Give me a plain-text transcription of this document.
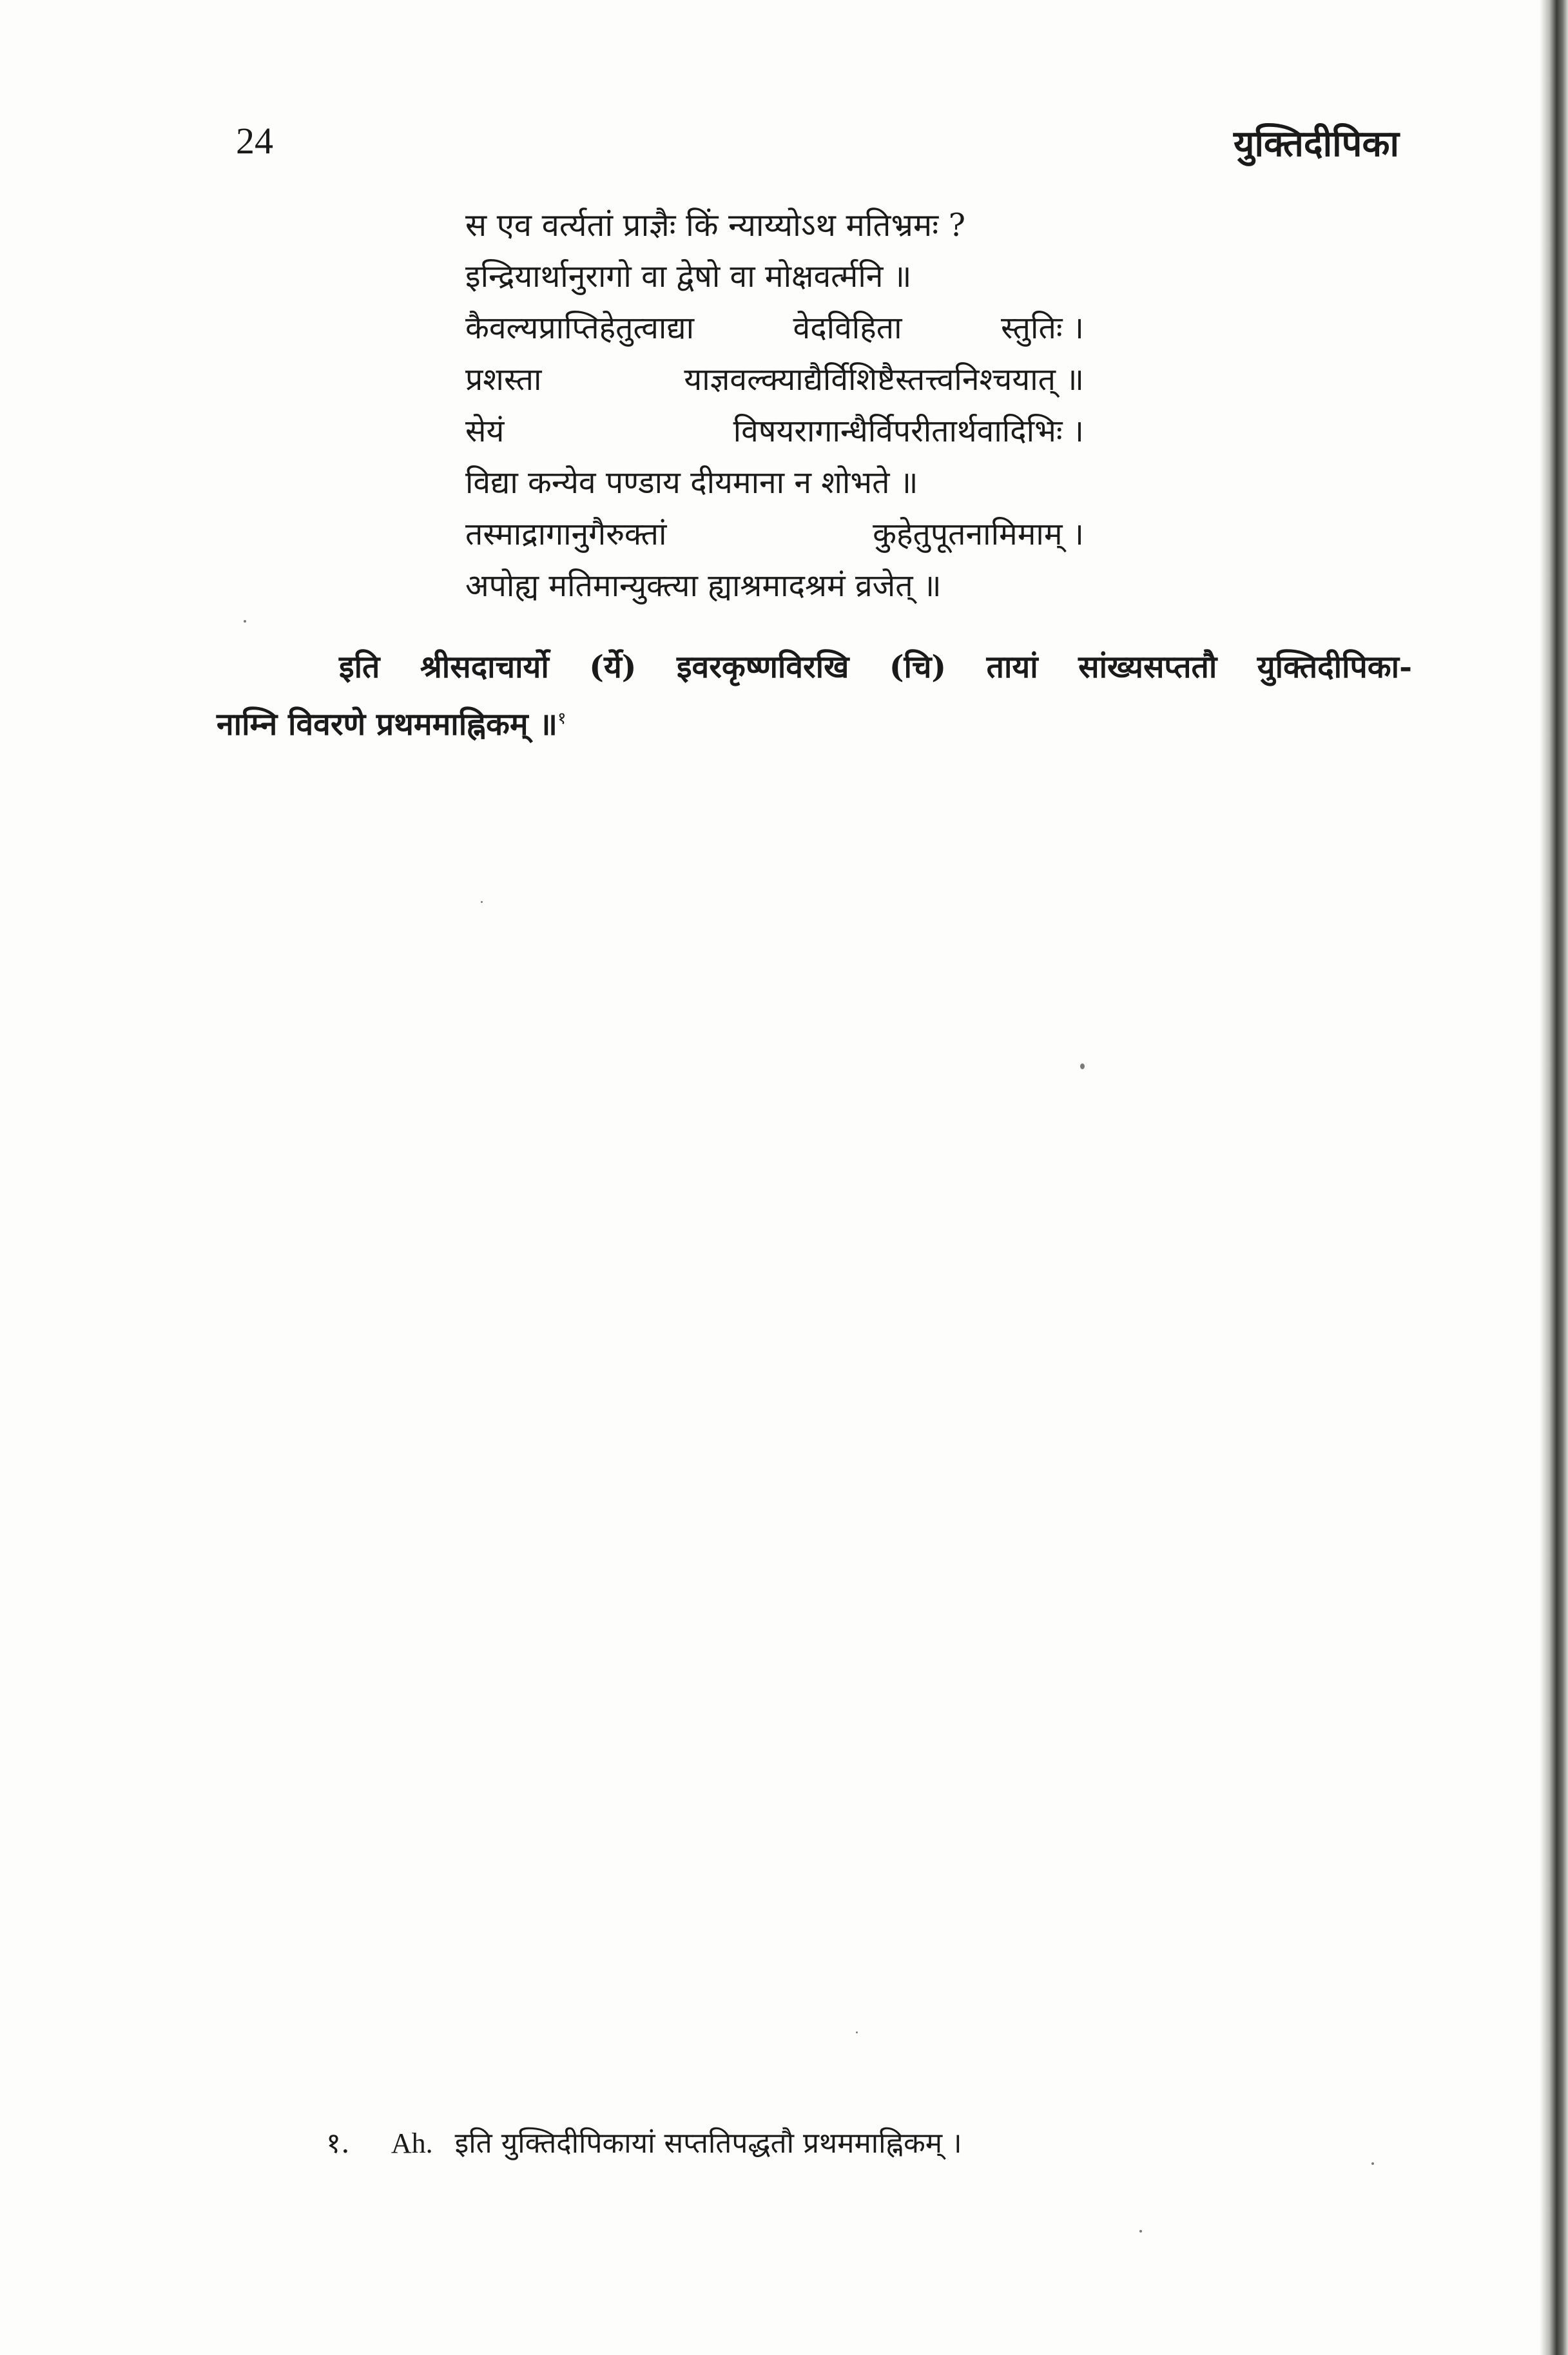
24	युक्तिदीपिका
स एव वर्त्यतां प्राज्ञैः किं न्याय्योऽथ मतिभ्रमः ?
इन्द्रियार्थानुरागो वा द्वेषो वा मोक्षवर्त्मनि ॥
कैवल्यप्राप्तिहेतुत्वाद्या	वेदविहिता	स्तुतिः ।
प्रशस्ता	याज्ञवल्क्याद्यैर्विशिष्टैस्तत्त्वनिश्चयात् ॥
सेयं	विषयरागान्धैर्विपरीतार्थवादिभिः ।
विद्या कन्येव पण्डाय दीयमाना न शोभते ॥
तस्माद्रागानुगैरुक्तां	कुहेतुपूतनामिमाम् ।
अपोह्य मतिमान्युक्त्या ह्याश्रमादश्रमं व्रजेत् ॥
इति श्रीसदाचार्यो (र्ये) इवरकृष्णविरखि (चि) तायां सांख्यसप्ततौ युक्तिदीपिका-
नाम्नि विवरणे प्रथममाह्निकम् ॥$^१$
१. Ah. इति युक्तिदीपिकायां सप्ततिपद्धतौ प्रथममाह्निकम् ।
